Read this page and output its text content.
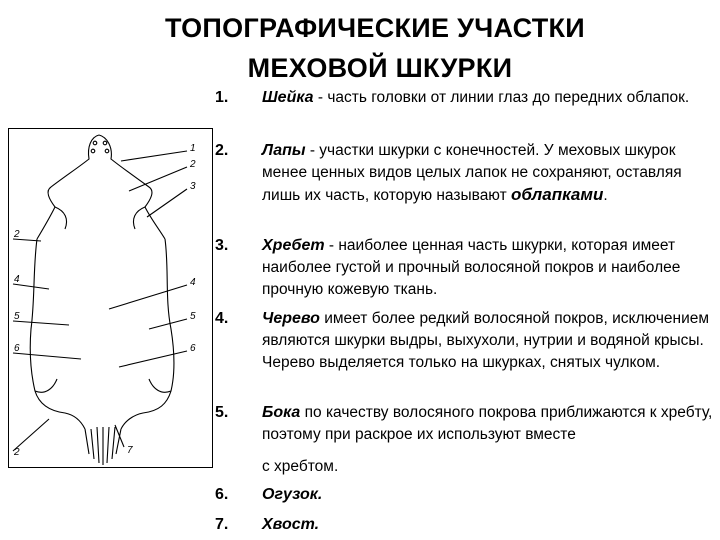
ТОПОГРАФИЧЕСКИЕ УЧАСТКИ
МЕХОВОЙ ШКУРКИ
1
2
3
4
5
6
7
2
4
5
6
2
1.	Шейка - часть головки от линии глаз до передних облапок.
2.	Лапы - участки шкурки с конечностей. У меховых шкурок менее ценных видов целых лапок не сохраняют, оставляя лишь их часть, которую называют облапками.
3.	Хребет - наиболее ценная часть шкурки, которая имеет наиболее густой и прочный волосяной покров и наиболее прочную кожевую ткань.
4.	Черево имеет более редкий волосяной покров, исключением являются шкурки выдры, выхухоли, нутрии и водяной крысы. Черево выделяется только на шкурках, снятых чулком.
5.	Бока по качеству волосяного покрова приближаются к хребту, поэтому при раскрое их используют вместе
с хребтом.
6.	Огузок.
7.	Хвост.
